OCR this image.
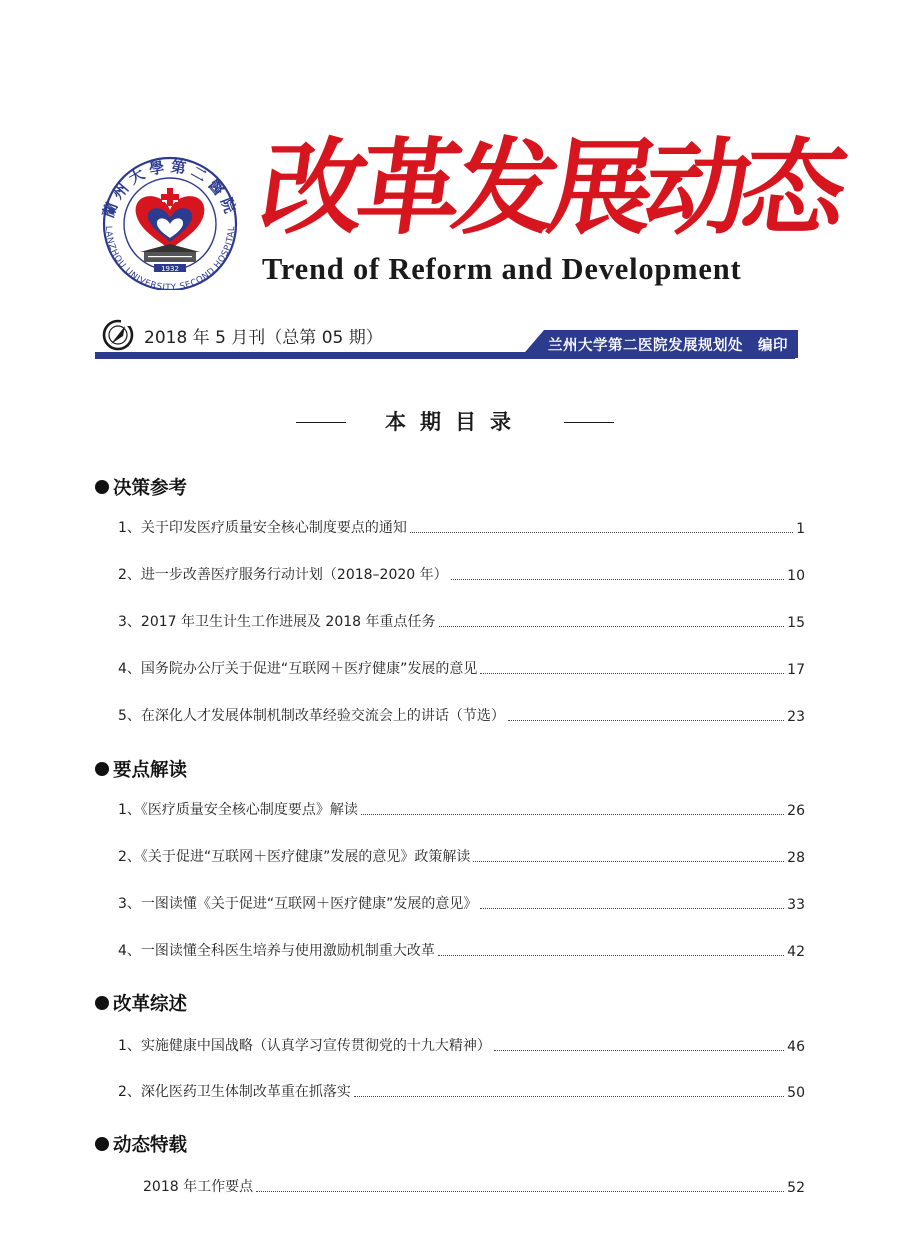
蘭州大學第二醫院
LANZHOU UNIVERSITY SECOND HOSPITAL
1932
改革发展动态
Trend of Reform and Development
2018 年 5 月刊（总第 05 期）	兰州大学第二医院发展规划处　编印
本期目录
决策参考
1、关于印发医疗质量安全核心制度要点的通知	1
2、进一步改善医疗服务行动计划（2018–2020 年）	10
3、2017 年卫生计生工作进展及 2018 年重点任务	15
4、国务院办公厅关于促进“互联网＋医疗健康”发展的意见	17
5、在深化人才发展体制机制改革经验交流会上的讲话（节选）	23
要点解读
1、《医疗质量安全核心制度要点》解读	26
2、《关于促进“互联网＋医疗健康”发展的意见》政策解读	28
3、一图读懂《关于促进“互联网＋医疗健康”发展的意见》	33
4、一图读懂全科医生培养与使用激励机制重大改革	42
改革综述
1、实施健康中国战略（认真学习宣传贯彻党的十九大精神）	46
2、深化医药卫生体制改革重在抓落实	50
动态特载
2018 年工作要点	52
